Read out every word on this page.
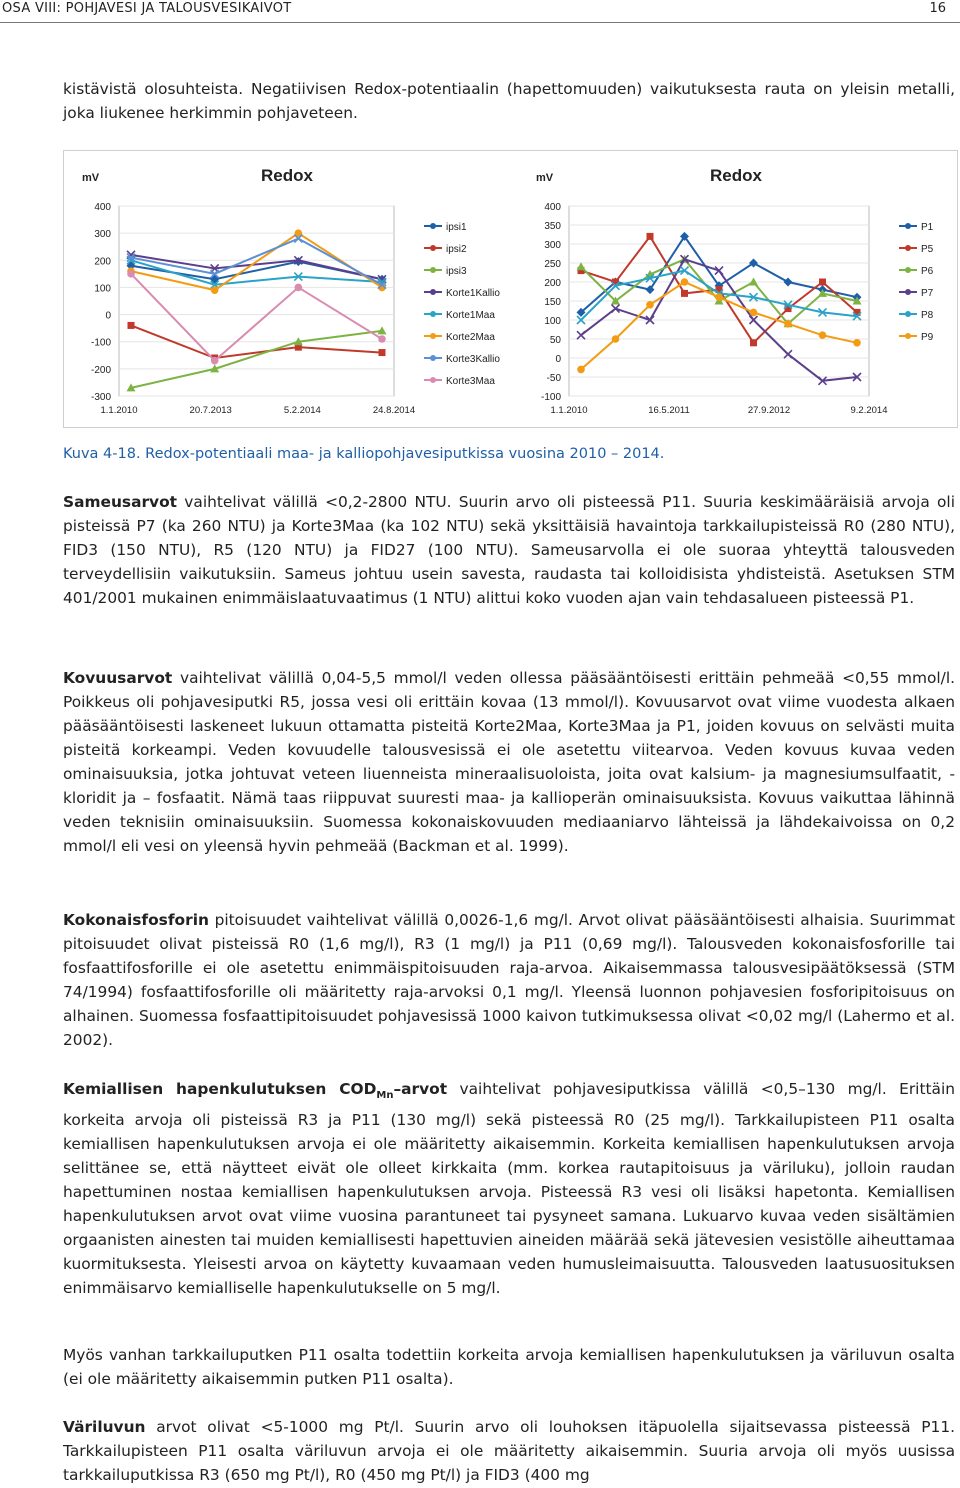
OSA VIII: POHJAVESI JA TALOUSVESIKAIVOT	16

kistävistä olosuhteista. Negatiivisen Redox-potentiaalin (hapettomuuden) vaikutuksesta rauta on yleisin metalli, joka liukenee herkimmin pohjaveteen.

Redox
mV
400
300
200
100
0
-100
-200
-300
1.1.2010	20.7.2013	5.2.2014	24.8.2014
ipsi1
ipsi2
ipsi3
Korte1Kallio
Korte1Maa
Korte2Maa
Korte3Kallio
Korte3Maa
Redox
mV
400
350
300
250
200
150
100
50
0
-50
-100
1.1.2010	16.5.2011	27.9.2012	9.2.2014
P1
P5
P6
P7
P8
P9
Kuva 4-18. Redox-potentiaali maa- ja kalliopohjavesiputkissa vuosina 2010 – 2014.

Sameusarvot vaihtelivat välillä <0,2-2800 NTU. Suurin arvo oli pisteessä P11. Suuria keskimääräisiä arvoja oli pisteissä P7 (ka 260 NTU) ja Korte3Maa (ka 102 NTU) sekä yksittäisiä havaintoja tarkkailupisteissä R0 (280 NTU), FID3 (150 NTU), R5 (120 NTU) ja FID27 (100 NTU). Sameusarvolla ei ole suoraa yhteyttä talousveden terveydellisiin vaikutuksiin. Sameus johtuu usein savesta, raudasta tai kolloidisista yhdisteistä. Asetuksen STM 401/2001 mukainen enimmäislaatuvaatimus (1 NTU) alittui koko vuoden ajan vain tehdasalueen pisteessä P1.

Kovuusarvot vaihtelivat välillä 0,04-5,5 mmol/l veden ollessa pääsääntöisesti erittäin pehmeää <0,55 mmol/l. Poikkeus oli pohjavesiputki R5, jossa vesi oli erittäin kovaa (13 mmol/l). Kovuusarvot ovat viime vuodesta alkaen pääsääntöisesti laskeneet lukuun ottamatta pisteitä Korte2Maa, Korte3Maa ja P1, joiden kovuus on selvästi muita pisteitä korkeampi. Veden kovuudelle talousvesissä ei ole asetettu viitearvoa. Veden kovuus kuvaa veden ominaisuuksia, jotka johtuvat veteen liuenneista mineraalisuoloista, joita ovat kalsium- ja magnesiumsulfaatit, -kloridit ja – fosfaatit. Nämä taas riippuvat suuresti maa- ja kallioperän ominaisuuksista. Kovuus vaikuttaa lähinnä veden teknisiin ominaisuuksiin. Suomessa kokonaiskovuuden mediaaniarvo lähteissä ja lähdekaivoissa on 0,2 mmol/l eli vesi on yleensä hyvin pehmeää (Backman et al. 1999).

Kokonaisfosforin pitoisuudet vaihtelivat välillä 0,0026-1,6 mg/l. Arvot olivat pääsääntöisesti alhaisia. Suurimmat pitoisuudet olivat pisteissä R0 (1,6 mg/l), R3 (1 mg/l) ja P11 (0,69 mg/l). Talousveden kokonaisfosforille tai fosfaattifosforille ei ole asetettu enimmäispitoisuuden raja-arvoa. Aikaisemmassa talousvesipäätöksessä (STM 74/1994) fosfaattifosforille oli määritetty raja-arvoksi 0,1 mg/l. Yleensä luonnon pohjavesien fosforipitoisuus on alhainen. Suomessa fosfaattipitoisuudet pohjavesissä 1000 kaivon tutkimuksessa olivat <0,02 mg/l (Lahermo et al. 2002).

Kemiallisen hapenkulutuksen $COD_{Mn}$–arvot vaihtelivat pohjavesiputkissa välillä <0,5–130 mg/l. Erittäin korkeita arvoja oli pisteissä R3 ja P11 (130 mg/l) sekä pisteessä R0 (25 mg/l). Tarkkailupisteen P11 osalta kemiallisen hapenkulutuksen arvoja ei ole määritetty aikaisemmin. Korkeita kemiallisen hapenkulutuksen arvoja selittänee se, että näytteet eivät ole olleet kirkkaita (mm. korkea rautapitoisuus ja väriluku), jolloin raudan hapettuminen nostaa kemiallisen hapenkulutuksen arvoja. Pisteessä R3 vesi oli lisäksi hapetonta. Kemiallisen hapenkulutuksen arvot ovat viime vuosina parantuneet tai pysyneet samana. Lukuarvo kuvaa veden sisältämien orgaanisten ainesten tai muiden kemiallisesti hapettuvien aineiden määrää sekä jätevesien vesistölle aiheuttamaa kuormituksesta. Yleisesti arvoa on käytetty kuvaamaan veden humusleimaisuutta. Talousveden laatusuosituksen enimmäisarvo kemialliselle hapenkulutukselle on 5 mg/l.

Myös vanhan tarkkailuputken P11 osalta todettiin korkeita arvoja kemiallisen hapenkulutuksen ja väriluvun osalta (ei ole määritetty aikaisemmin putken P11 osalta).

Väriluvun arvot olivat <5-1000 mg Pt/l. Suurin arvo oli louhoksen itäpuolella sijaitsevassa pisteessä P11. Tarkkailupisteen P11 osalta väriluvun arvoja ei ole määritetty aikaisemmin. Suuria arvoja oli myös uusissa tarkkailuputkissa R3 (650 mg Pt/l), R0 (450 mg Pt/l) ja FID3 (400 mg
